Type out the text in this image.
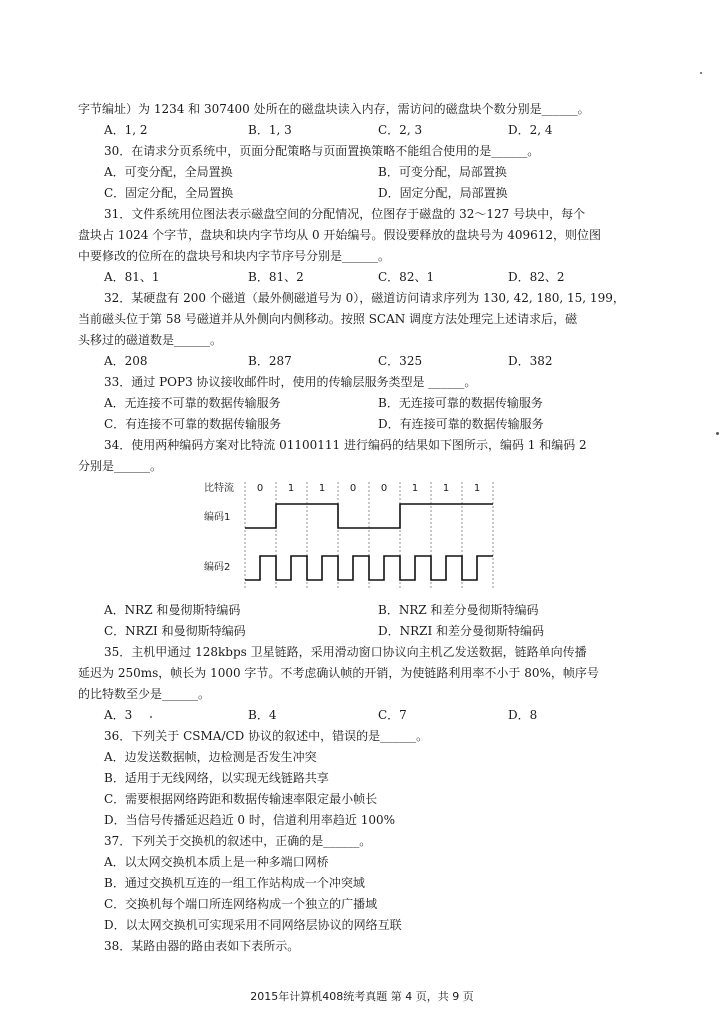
字节编址）为 1234 和 307400 处所在的磁盘块读入内存，需访问的磁盘块个数分别是______。
A．1, 2	B．1, 3	C．2, 3	D．2, 4
30．在请求分页系统中，页面分配策略与页面置换策略不能组合使用的是______。
A．可变分配，全局置换	B．可变分配，局部置换
C．固定分配，全局置换	D．固定分配，局部置换
31．文件系统用位图法表示磁盘空间的分配情况，位图存于磁盘的 32～127 号块中，每个
盘块占 1024 个字节，盘块和块内字节均从 0 开始编号。假设要释放的盘块号为 409612，则位图
中要修改的位所在的盘块号和块内字节序号分别是______。
A．81、1	B．81、2	C．82、1	D．82、2
32．某硬盘有 200 个磁道（最外侧磁道号为 0），磁道访问请求序列为 130, 42, 180, 15, 199，
当前磁头位于第 58 号磁道并从外侧向内侧移动。按照 SCAN 调度方法处理完上述请求后，磁
头移过的磁道数是______。
A．208	B．287	C．325	D．382
33．通过 POP3 协议接收邮件时，使用的传输层服务类型是 ______。
A．无连接不可靠的数据传输服务	B．无连接可靠的数据传输服务
C．有连接不可靠的数据传输服务	D．有连接可靠的数据传输服务
34．使用两种编码方案对比特流 01100111 进行编码的结果如下图所示，编码 1 和编码 2
分别是______。
比特流 0 1 1 0 0 1 1 1
编码1
编码2
A．NRZ 和曼彻斯特编码	B．NRZ 和差分曼彻斯特编码
C．NRZI 和曼彻斯特编码	D．NRZI 和差分曼彻斯特编码
35．主机甲通过 128kbps 卫星链路，采用滑动窗口协议向主机乙发送数据，链路单向传播
延迟为 250ms，帧长为 1000 字节。不考虑确认帧的开销，为使链路利用率不小于 80%，帧序号
的比特数至少是______。
A．3	B．4	C．7	D．8
36．下列关于 CSMA/CD 协议的叙述中，错误的是______。
A．边发送数据帧，边检测是否发生冲突
B．适用于无线网络，以实现无线链路共享
C．需要根据网络跨距和数据传输速率限定最小帧长
D．当信号传播延迟趋近 0 时，信道利用率趋近 100%
37．下列关于交换机的叙述中，正确的是______。
A．以太网交换机本质上是一种多端口网桥
B．通过交换机互连的一组工作站构成一个冲突域
C．交换机每个端口所连网络构成一个独立的广播域
D．以太网交换机可实现采用不同网络层协议的网络互联
38．某路由器的路由表如下表所示。
2015年计算机408统考真题 第 4 页，共 9 页
